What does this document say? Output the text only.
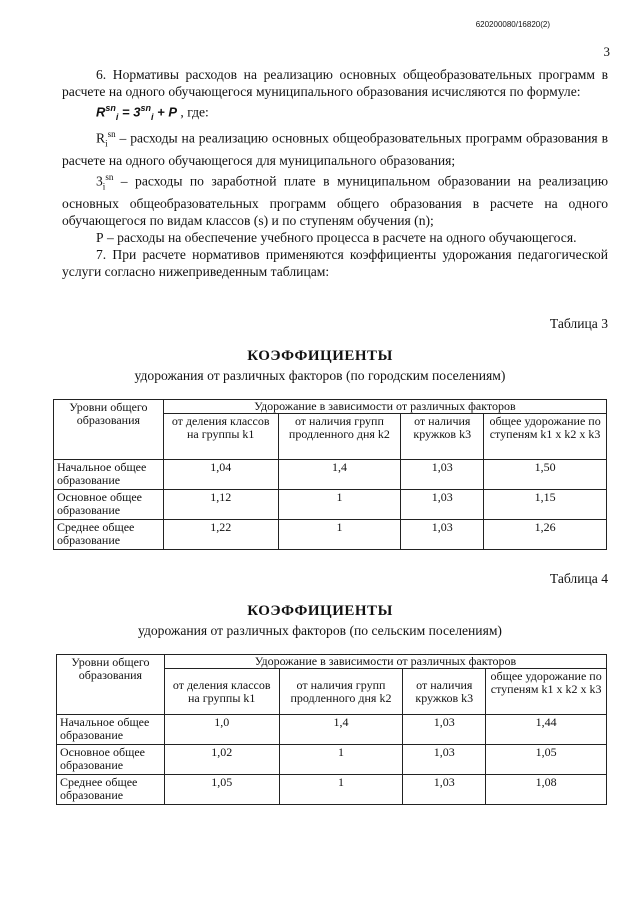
620200080/16820(2)
3

6. Нормативы расходов на реализацию основных общеобразовательных программ в расчете на одного обучающегося муниципального образования исчисляются по формуле:

$R^{sn}_i = 3^{sn}_i + P$ , где:

$R_i^{sn}$ – расходы на реализацию основных общеобразовательных программ образования в расчете на одного обучающегося для муниципального образования;

$3_i^{sn}$ – расходы по заработной плате в муниципальном образовании на реализацию основных общеобразовательных программ общего образования в расчете на одного обучающегося по видам классов (s) и по ступеням обучения (n);

Р – расходы на обеспечение учебного процесса в расчете на одного обучающегося.

7. При расчете нормативов применяются коэффициенты удорожания педагогической услуги согласно нижеприведенным таблицам:

Таблица 3
КОЭФФИЦИЕНТЫ
удорожания от различных факторов (по городским поселениям)
Уровни общего образования	Удорожание в зависимости от различных факторов			
	от деления классов на группы k1	от наличия групп продленного дня k2	от наличия кружков k3	общее удорожание по ступеням k1 x k2 x k3
Начальное общее образование	1,04	1,4	1,03	1,50
Основное общее образование	1,12	1	1,03	1,15
Среднее общее образование	1,22	1	1,03	1,26
Таблица 4
КОЭФФИЦИЕНТЫ
удорожания от различных факторов (по сельским поселениям)
Уровни общего образования	Удорожание в зависимости от различных факторов			
	от деления классов на группы k1	от наличия групп продленного дня k2	от наличия кружков k3	общее удорожание по ступеням k1 x k2 x k3
Начальное общее образование	1,0	1,4	1,03	1,44
Основное общее образование	1,02	1	1,03	1,05
Среднее общее образование	1,05	1	1,03	1,08
